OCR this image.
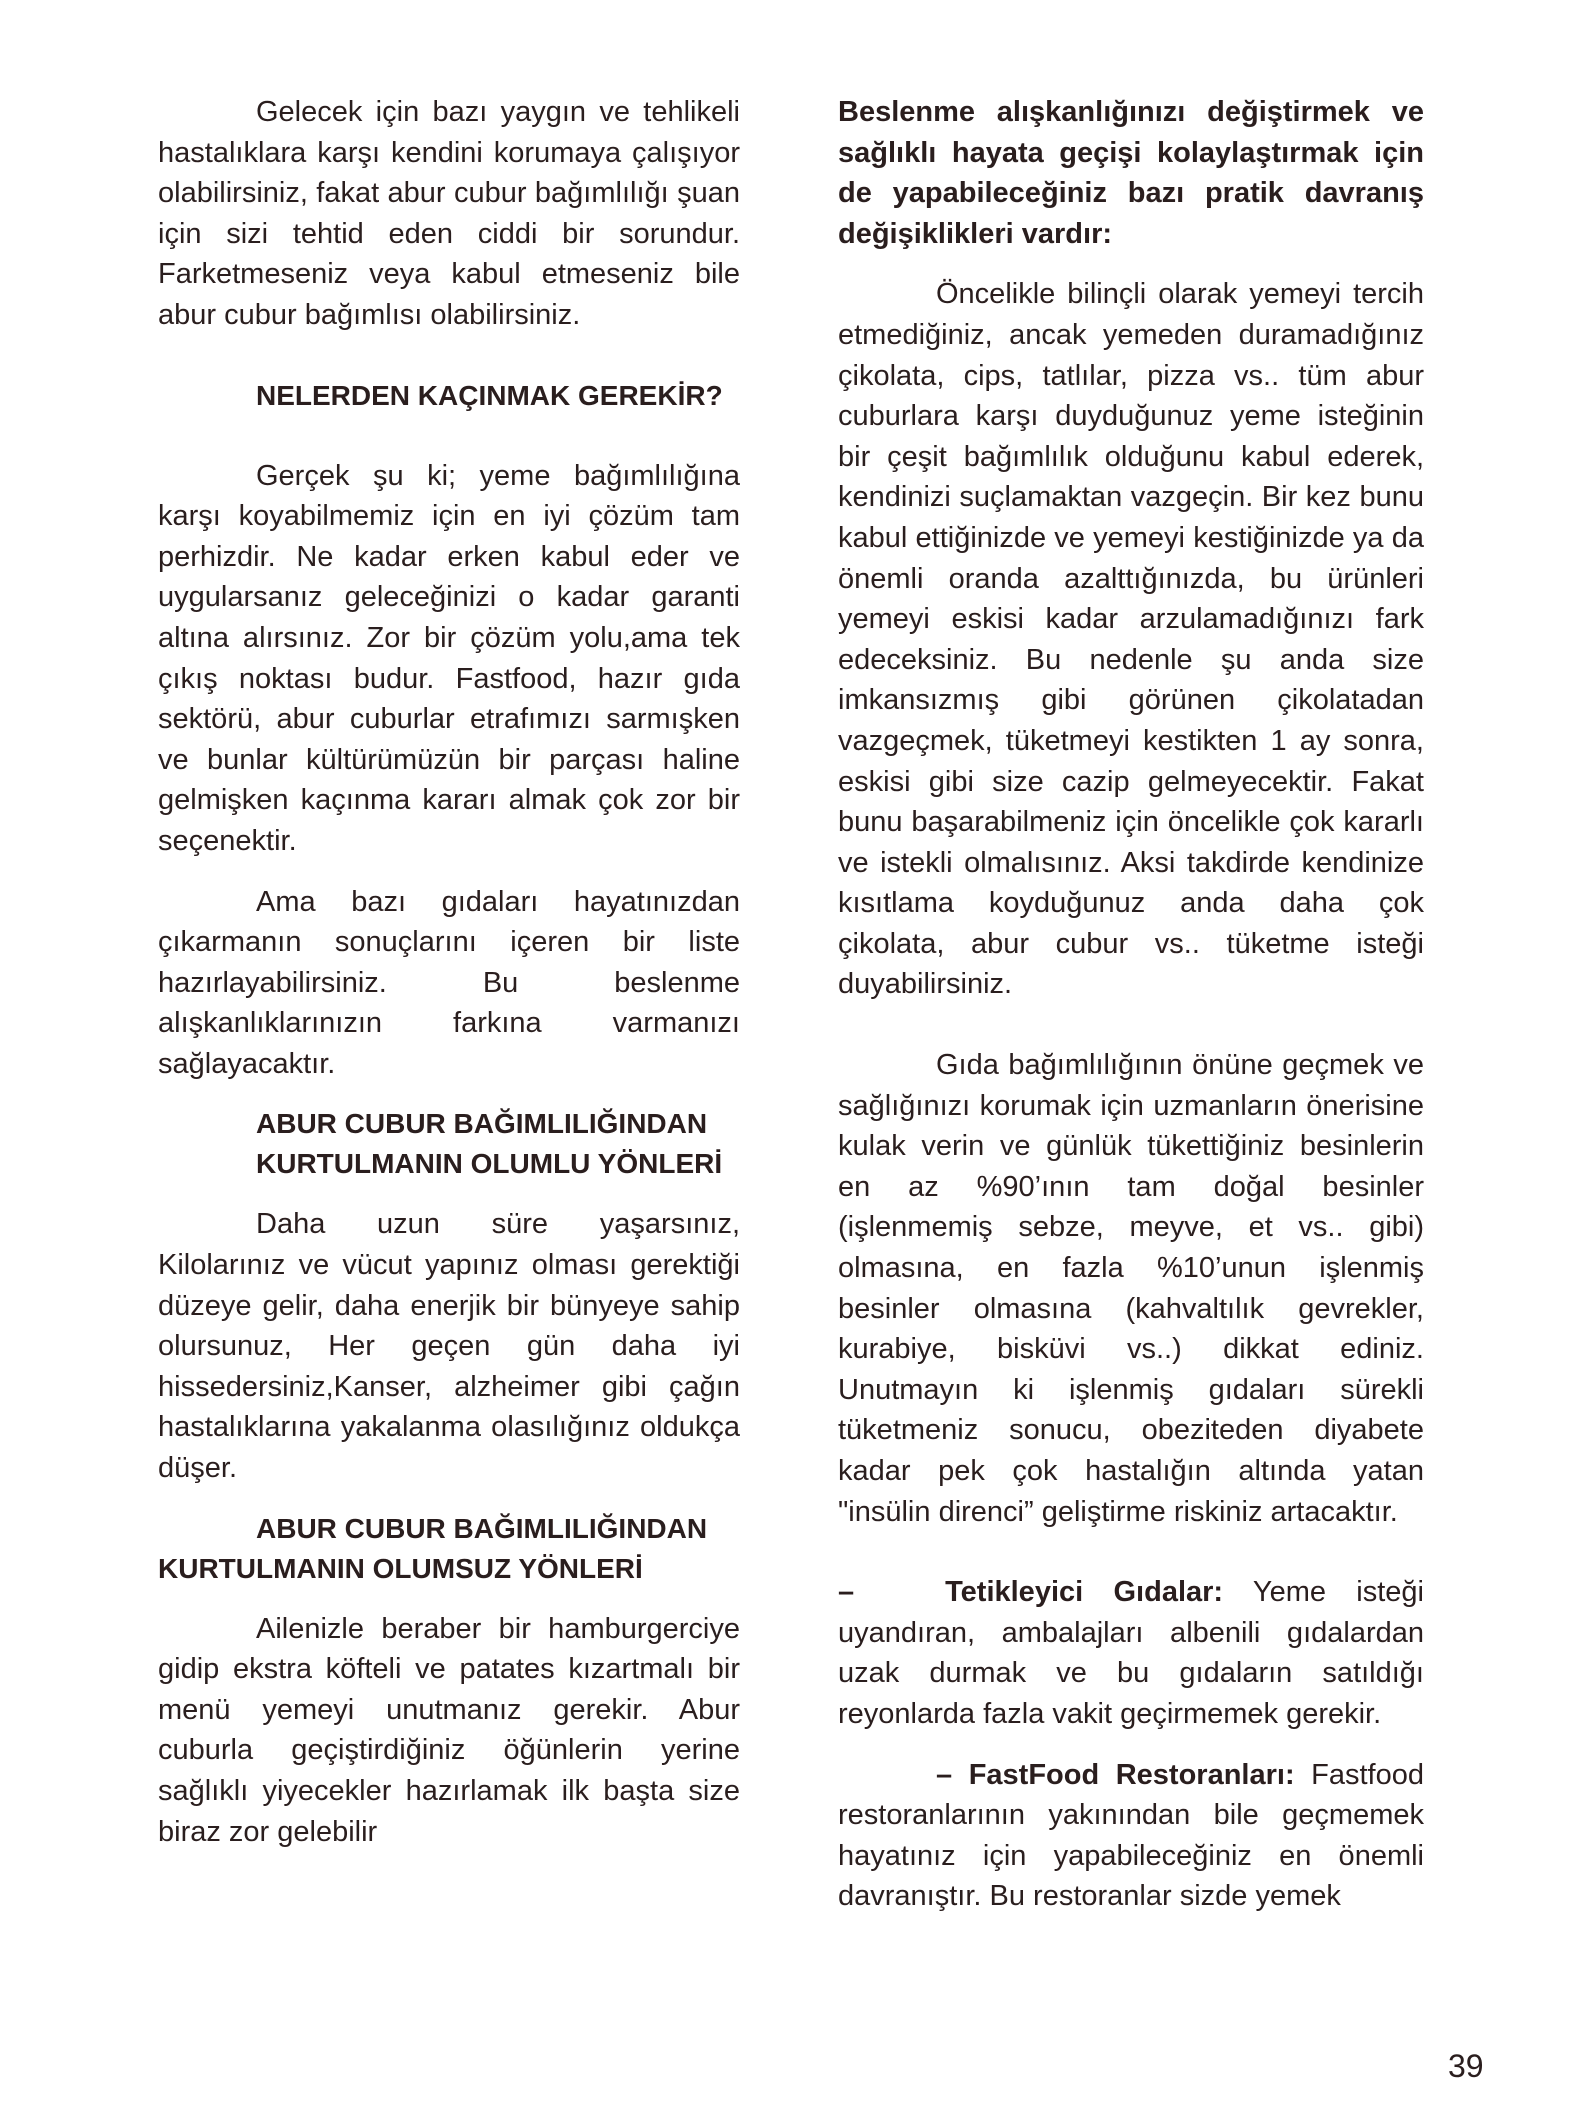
Gelecek için bazı yaygın ve tehlikeli hastalıklara karşı kendini korumaya çalışıyor olabilirsiniz, fakat abur cubur bağımlılığı şuan için sizi tehtid eden ciddi bir sorundur. Farketmeseniz veya kabul etmeseniz bile abur cubur bağımlısı olabilirsiniz.

NELERDEN KAÇINMAK GEREKİR?

Gerçek şu ki; yeme bağımlılığına karşı koyabilmemiz için en iyi çözüm tam perhizdir. Ne kadar erken kabul eder ve uygularsanız geleceğinizi o kadar garanti altına alırsınız. Zor bir çözüm yolu,ama tek çıkış noktası budur. Fastfood, hazır gıda sektörü, abur cuburlar etrafımızı sarmışken ve bunlar kültürümüzün bir parçası haline gelmişken kaçınma kararı almak çok zor bir seçenektir.

Ama bazı gıdaları hayatınızdan çıkarmanın sonuçlarını içeren bir liste hazırlayabilirsiniz. Bu beslenme alışkanlıklarınızın farkına varmanızı sağlayacaktır.

ABUR CUBUR BAĞIMLILIĞINDAN
KURTULMANIN OLUMLU YÖNLERİ

Daha uzun süre yaşarsınız, Kilolarınız ve vücut yapınız olması gerektiği düzeye gelir, daha enerjik bir bünyeye sahip olursunuz, Her geçen gün daha iyi hissedersiniz,Kanser, alzheimer gibi çağın hastalıklarına yakalanma olasılığınız oldukça düşer.

ABUR CUBUR BAĞIMLILIĞINDAN
KURTULMANIN OLUMSUZ YÖNLERİ

Ailenizle beraber bir hamburgerciye gidip ekstra köfteli ve patates kızartmalı bir menü yemeyi unutmanız gerekir. Abur cuburla geçiştirdiğiniz öğünlerin yerine sağlıklı yiyecekler hazırlamak ilk başta size biraz zor gelebilir

Beslenme alışkanlığınızı değiştirmek ve sağlıklı hayata geçişi kolaylaştırmak için de yapabileceğiniz bazı pratik davranış değişiklikleri vardır:

Öncelikle bilinçli olarak yemeyi tercih etmediğiniz, ancak yemeden duramadığınız çikolata, cips, tatlılar, pizza vs.. tüm abur cuburlara karşı duyduğunuz yeme isteğinin bir çeşit bağımlılık olduğunu kabul ederek, kendinizi suçlamaktan vazgeçin. Bir kez bunu kabul ettiğinizde ve yemeyi kestiğinizde ya da önemli oranda azalttığınızda, bu ürünleri yemeyi eskisi kadar arzulamadığınızı fark edeceksiniz. Bu nedenle şu anda size imkansızmış gibi görünen çikolatadan vazgeçmek, tüketmeyi kestikten 1 ay sonra, eskisi gibi size cazip gelmeyecektir. Fakat bunu başarabilmeniz için öncelikle çok kararlı ve istekli olmalısınız. Aksi takdirde kendinize kısıtlama koyduğunuz anda daha çok çikolata, abur cubur vs.. tüketme isteği duyabilirsiniz.

Gıda bağımlılığının önüne geçmek ve sağlığınızı korumak için uzmanların önerisine kulak verin ve günlük tükettiğiniz besinlerin en az %90’ının tam doğal besinler (işlenmemiş sebze, meyve, et vs.. gibi) olmasına, en fazla %10’unun işlenmiş besinler olmasına (kahvaltılık gevrekler, kurabiye, bisküvi vs..) dikkat ediniz. Unutmayın ki işlenmiş gıdaları sürekli tüketmeniz sonucu, obeziteden diyabete kadar pek çok hastalığın altında yatan "insülin direnci” geliştirme riskiniz artacaktır.

–	Tetikleyici Gıdalar: Yeme isteği uyandıran, ambalajları albenili gıdalardan uzak durmak ve bu gıdaların satıldığı reyonlarda fazla vakit geçirmemek gerekir.

– FastFood Restoranları: Fastfood restoranlarının yakınından bile geçmemek hayatınız için yapabileceğiniz en önemli davranıştır. Bu restoranlar sizde yemek

39
